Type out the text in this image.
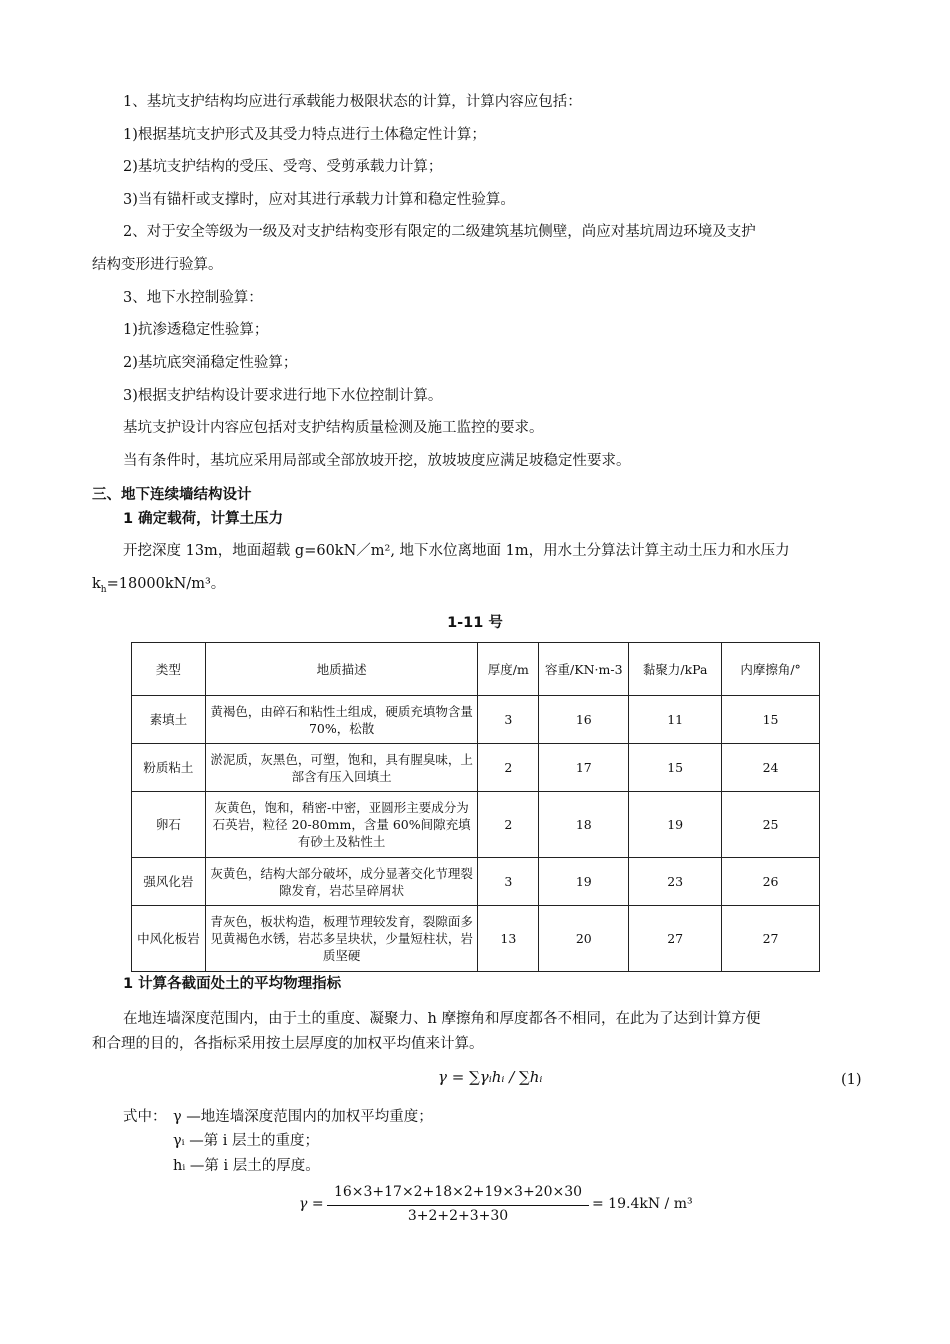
1、基坑支护结构均应进行承载能力极限状态的计算，计算内容应包括：
1)根据基坑支护形式及其受力特点进行土体稳定性计算；
2)基坑支护结构的受压、受弯、受剪承载力计算；
3)当有锚杆或支撑时，应对其进行承载力计算和稳定性验算。
2、对于安全等级为一级及对支护结构变形有限定的二级建筑基坑侧壁，尚应对基坑周边环境及支护
结构变形进行验算。
3、地下水控制验算：
1)抗渗透稳定性验算；
2)基坑底突涌稳定性验算；
3)根据支护结构设计要求进行地下水位控制计算。
基坑支护设计内容应包括对支护结构质量检测及施工监控的要求。
当有条件时，基坑应采用局部或全部放坡开挖，放坡坡度应满足坡稳定性要求。
三、地下连续墙结构设计
1 确定载荷，计算土压力
开挖深度 13m，地面超载 g=60kN／m², 地下水位离地面 1m，用水土分算法计算主动土压力和水压力
$k_h=18000kN/m^3$。
1-11 号
类型	地质描述	厚度/m	容重/KN·m-3	黏聚力/kPa	内摩擦角/°
素填土	黄褐色，由碎石和粘性土组成，硬质充填物含量 70%，松散	3	16	11	15
粉质粘土	淤泥质，灰黑色，可塑，饱和，具有腥臭味，上部含有压入回填土	2	17	15	24
卵石	灰黄色，饱和，稍密-中密，亚圆形主要成分为石英岩，粒径 20-80mm，含量 60%间隙充填有砂土及粘性土	2	18	19	25
强风化岩	灰黄色，结构大部分破坏，成分显著交化节理裂隙发育，岩芯呈碎屑状	3	19	23	26
中风化板岩	青灰色，板状构造，板理节理较发育，裂隙面多见黄褐色水锈，岩芯多呈块状，少量短柱状，岩质坚硬	13	20	27	27
1 计算各截面处土的平均物理指标
在地连墙深度范围内，由于土的重度、凝聚力、h 摩擦角和厚度都各不相同，在此为了达到计算方便
和合理的目的，各指标采用按土层厚度的加权平均值来计算。
γ = ∑γᵢhᵢ / ∑hᵢ	(1)
式中： γ —地连墙深度范围内的加权平均重度；
γᵢ —第 i 层土的重度；
hᵢ —第 i 层土的厚度。
γ =
16×3+17×2+18×2+19×3+20×30
3+2+2+3+30
= 19.4kN / m³
